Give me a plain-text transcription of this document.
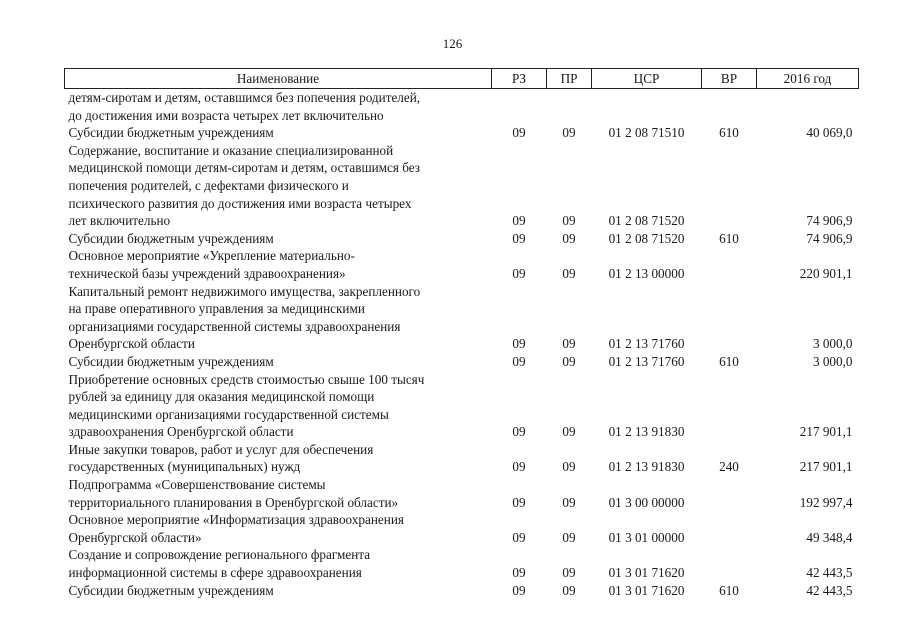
126
Наименование	РЗ	ПР	ЦСР	ВР	2016 год

детям-сиротам и детям, оставшимся без попечения родителей,
до достижения ими возраста четырех лет включительно					

Субсидии бюджетным учреждениям	09	09	01 2 08 71510	610	40 069,0

Содержание, воспитание и оказание специализированной
медицинской помощи детям-сиротам и детям, оставшимся без
попечения родителей, с дефектами физического и
психического развития до достижения ими возраста четырех
лет включительно	09	09	01 2 08 71520		74 906,9

Субсидии бюджетным учреждениям	09	09	01 2 08 71520	610	74 906,9

Основное мероприятие «Укрепление материально-
технической базы учреждений здравоохранения»	09	09	01 2 13 00000		220 901,1

Капитальный ремонт недвижимого имущества, закрепленного
на праве оперативного управления за медицинскими
организациями государственной системы здравоохранения
Оренбургской области	09	09	01 2 13 71760		3 000,0

Субсидии бюджетным учреждениям	09	09	01 2 13 71760	610	3 000,0

Приобретение основных средств стоимостью свыше 100 тысяч
рублей за единицу для оказания медицинской помощи
медицинскими организациями государственной системы
здравоохранения Оренбургской области	09	09	01 2 13 91830		217 901,1

Иные закупки товаров, работ и услуг для обеспечения
государственных (муниципальных) нужд	09	09	01 2 13 91830	240	217 901,1

Подпрограмма «Совершенствование системы
территориального планирования в Оренбургской области»	09	09	01 3 00 00000		192 997,4

Основное мероприятие «Информатизация здравоохранения
Оренбургской области»	09	09	01 3 01 00000		49 348,4

Создание и сопровождение регионального фрагмента
информационной системы в сфере здравоохранения	09	09	01 3 01 71620		42 443,5

Субсидии бюджетным учреждениям	09	09	01 3 01 71620	610	42 443,5
